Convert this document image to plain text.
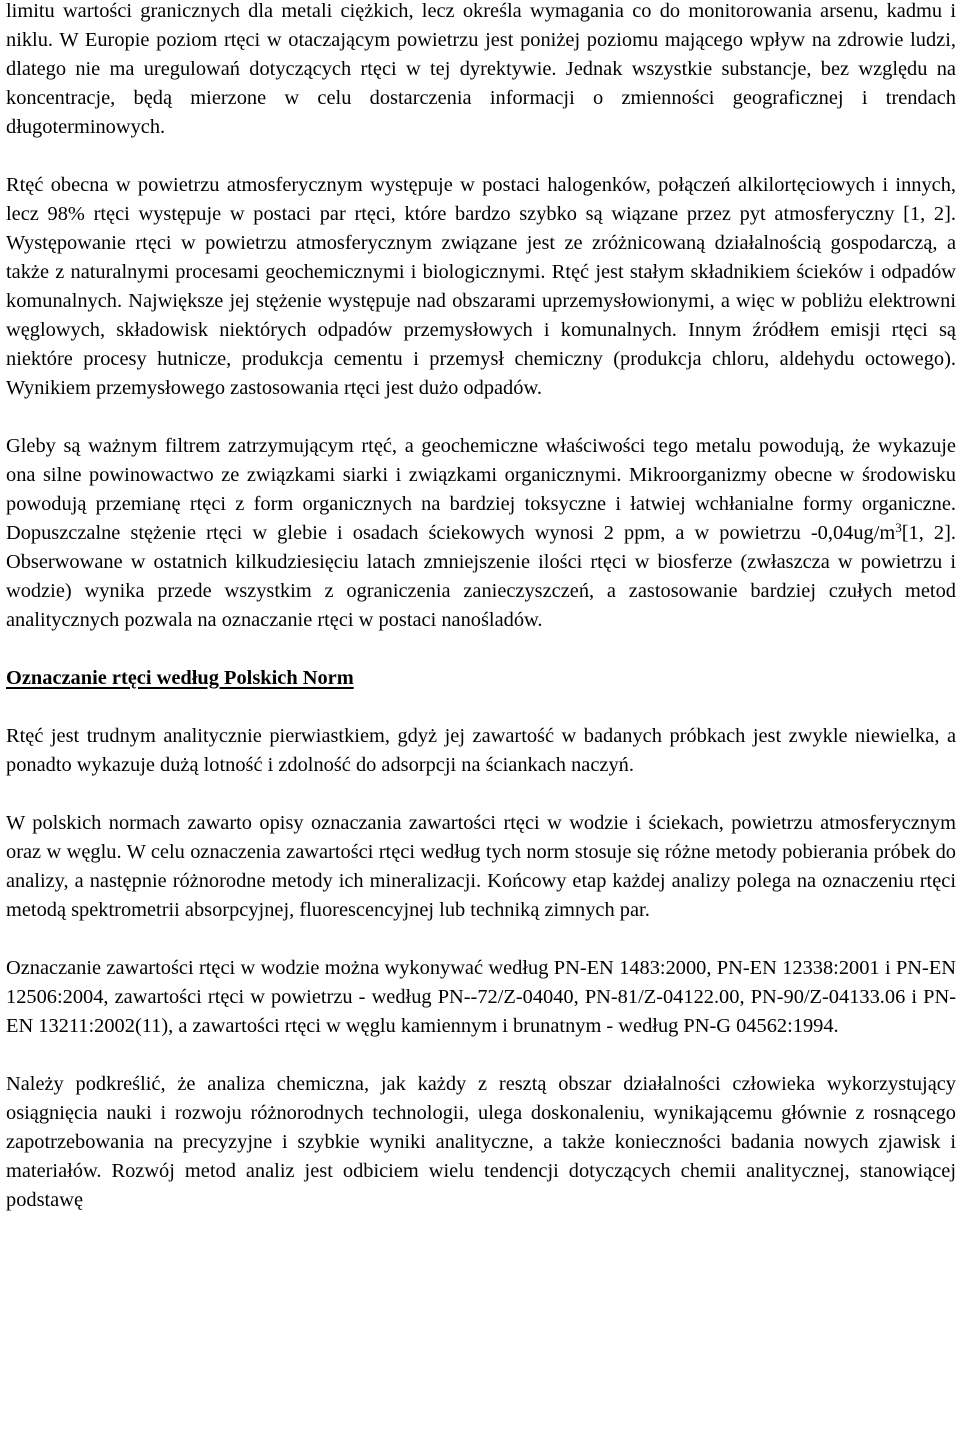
limitu wartości granicznych dla metali ciężkich, lecz określa wymagania co do monitorowania arsenu, kadmu i niklu. W Europie poziom rtęci w otaczającym powietrzu jest poniżej poziomu mającego wpływ na zdrowie ludzi, dlatego nie ma uregulowań dotyczących rtęci w tej dyrektywie. Jednak wszystkie substancje, bez względu na koncentracje, będą mierzone w celu dostarczenia informacji o zmienności geograficznej i trendach długoterminowych.

Rtęć obecna w powietrzu atmosferycznym występuje w postaci halogenków, połączeń alkilortęciowych i innych, lecz 98% rtęci występuje w postaci par rtęci, które bardzo szybko są wiązane przez pyt atmosferyczny [1, 2]. Występowanie rtęci w powietrzu atmosferycznym związane jest ze zróżnicowaną działalnością gospodarczą, a także z naturalnymi procesami geochemicznymi i biologicznymi. Rtęć jest stałym składnikiem ścieków i odpadów komunalnych. Największe jej stężenie występuje nad obszarami uprzemysłowionymi, a więc w pobliżu elektrowni węglowych, składowisk niektórych odpadów przemysłowych i komunalnych. Innym źródłem emisji rtęci są niektóre procesy hutnicze, produkcja cementu i przemysł chemiczny (produkcja chloru, aldehydu octowego). Wynikiem przemysłowego zastosowania rtęci jest dużo odpadów.

Gleby są ważnym filtrem zatrzymującym rtęć, a geochemiczne właściwości tego metalu powodują, że wykazuje ona silne powinowactwo ze związkami siarki i związkami organicznymi. Mikroorganizmy obecne w środowisku powodują przemianę rtęci z form organicznych na bardziej toksyczne i łatwiej wchłanialne formy organiczne. Dopuszczalne stężenie rtęci w glebie i osadach ściekowych wynosi 2 ppm, a w powietrzu $-0,04ug/m^3[1$, 2]. Obserwowane w ostatnich kilkudziesięciu latach zmniejszenie ilości rtęci w biosferze (zwłaszcza w powietrzu i wodzie) wynika przede wszystkim z ograniczenia zanieczyszczeń, a zastosowanie bardziej czułych metod analitycznych pozwala na oznaczanie rtęci w postaci nanośladów.

Oznaczanie rtęci według Polskich Norm

Rtęć jest trudnym analitycznie pierwiastkiem, gdyż jej zawartość w badanych próbkach jest zwykle niewielka, a ponadto wykazuje dużą lotność i zdolność do adsorpcji na ściankach naczyń.

W polskich normach zawarto opisy oznaczania zawartości rtęci w wodzie i ściekach, powietrzu atmosferycznym oraz w węglu. W celu oznaczenia zawartości rtęci według tych norm stosuje się różne metody pobierania próbek do analizy, a następnie różnorodne metody ich mineralizacji. Końcowy etap każdej analizy polega na oznaczeniu rtęci metodą spektrometrii absorpcyjnej, fluorescencyjnej lub techniką zimnych par.

Oznaczanie zawartości rtęci w wodzie można wykonywać według PN-EN 1483:2000, PN-EN 12338:2001 i PN-EN 12506:2004, zawartości rtęci w powietrzu - według PN--72/Z-04040, PN-81/Z-04122.00, PN-90/Z-04133.06 i PN-EN 13211:2002(11), a zawartości rtęci w węglu kamiennym i brunatnym - według PN-G 04562:1994.

Należy podkreślić, że analiza chemiczna, jak każdy z resztą obszar działalności człowieka wykorzystujący osiągnięcia nauki i rozwoju różnorodnych technologii, ulega doskonaleniu, wynikającemu głównie z rosnącego zapotrzebowania na precyzyjne i szybkie wyniki analityczne, a także konieczności badania nowych zjawisk i materiałów. Rozwój metod analiz jest odbiciem wielu tendencji dotyczących chemii analitycznej, stanowiącej podstawę
